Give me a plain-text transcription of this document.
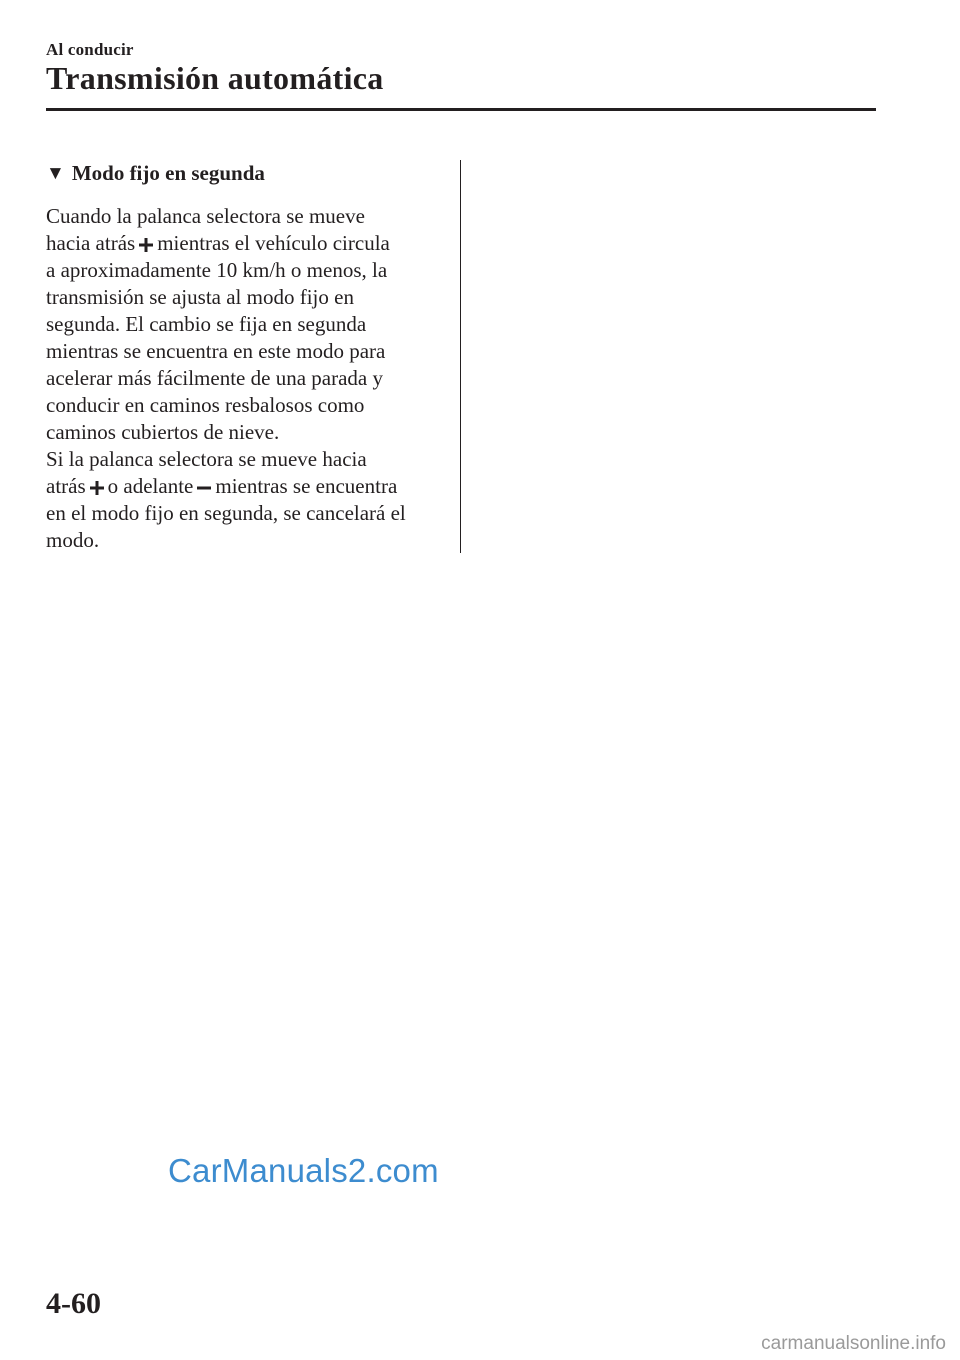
Al conducir
Transmisión automática
▼ Modo fijo en segunda

Cuando la palanca selectora se mueve

hacia atrás mientras el vehículo circula

a aproximadamente 10 km/h o menos, la

transmisión se ajusta al modo fijo en

segunda. El cambio se fija en segunda

mientras se encuentra en este modo para

acelerar más fácilmente de una parada y

conducir en caminos resbalosos como

caminos cubiertos de nieve.

Si la palanca selectora se mueve hacia

atrás o adelante mientras se encuentra

en el modo fijo en segunda, se cancelará el

modo.

CarManuals2.com
4-60
carmanualsonline.info
